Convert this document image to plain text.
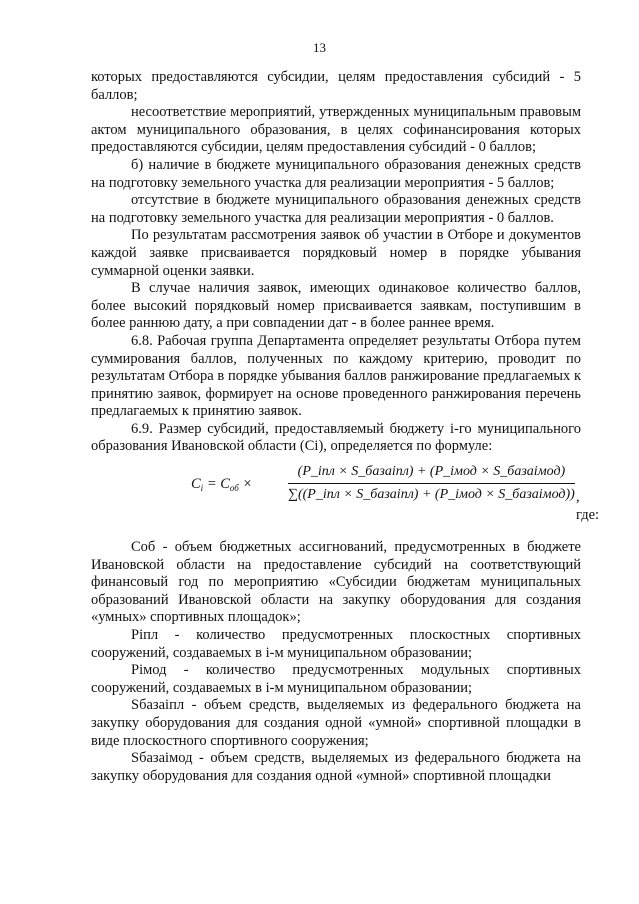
13

которых предоставляются субсидии, целям предоставления субсидий - 5 баллов;

несоответствие мероприятий, утвержденных муниципальным правовым актом муниципального образования, в целях софинансирования которых предоставляются субсидии, целям предоставления субсидий - 0 баллов;

б) наличие в бюджете муниципального образования денежных средств на подготовку земельного участка для реализации мероприятия - 5 баллов;

отсутствие в бюджете муниципального образования денежных средств на подготовку земельного участка для реализации мероприятия - 0 баллов.

По результатам рассмотрения заявок об участии в Отборе и документов каждой заявке присваивается порядковый номер в порядке убывания суммарной оценки заявки.

В случае наличия заявок, имеющих одинаковое количество баллов, более высокий порядковый номер присваивается заявкам, поступившим в более раннюю дату, а при совпадении дат - в более раннее время.

6.8. Рабочая группа Департамента определяет результаты Отбора путем суммирования баллов, полученных по каждому критерию, проводит по результатам Отбора в порядке убывания баллов ранжирование предлагаемых к принятию заявок, формирует на основе проведенного ранжирования перечень предлагаемых к принятию заявок.

6.9. Размер субсидий, предоставляемый бюджету i-го муниципального образования Ивановской области (Ci), определяется по формуле:

$C_i = C_{об}$ ×
(P_iпл × S_базаiпл) + (P_iмод × S_базаiмод)
∑((P_iпл × S_базаiпл) + (P_iмод × S_базаiмод)) , где:

Соб - объем бюджетных ассигнований, предусмотренных в бюджете Ивановской области на предоставление субсидий на соответствующий финансовый год по мероприятию «Субсидии бюджетам муниципальных образований Ивановской области на закупку оборудования для создания «умных» спортивных площадок»;

Piпл - количество предусмотренных плоскостных спортивных сооружений, создаваемых в i-м муниципальном образовании;

Piмод - количество предусмотренных модульных спортивных сооружений, создаваемых в i-м муниципальном образовании;

Sбазаiпл - объем средств, выделяемых из федерального бюджета на закупку оборудования для создания одной «умной» спортивной площадки в виде плоскостного спортивного сооружения;

Sбазаiмод - объем средств, выделяемых из федерального бюджета на закупку оборудования для создания одной «умной» спортивной площадки
